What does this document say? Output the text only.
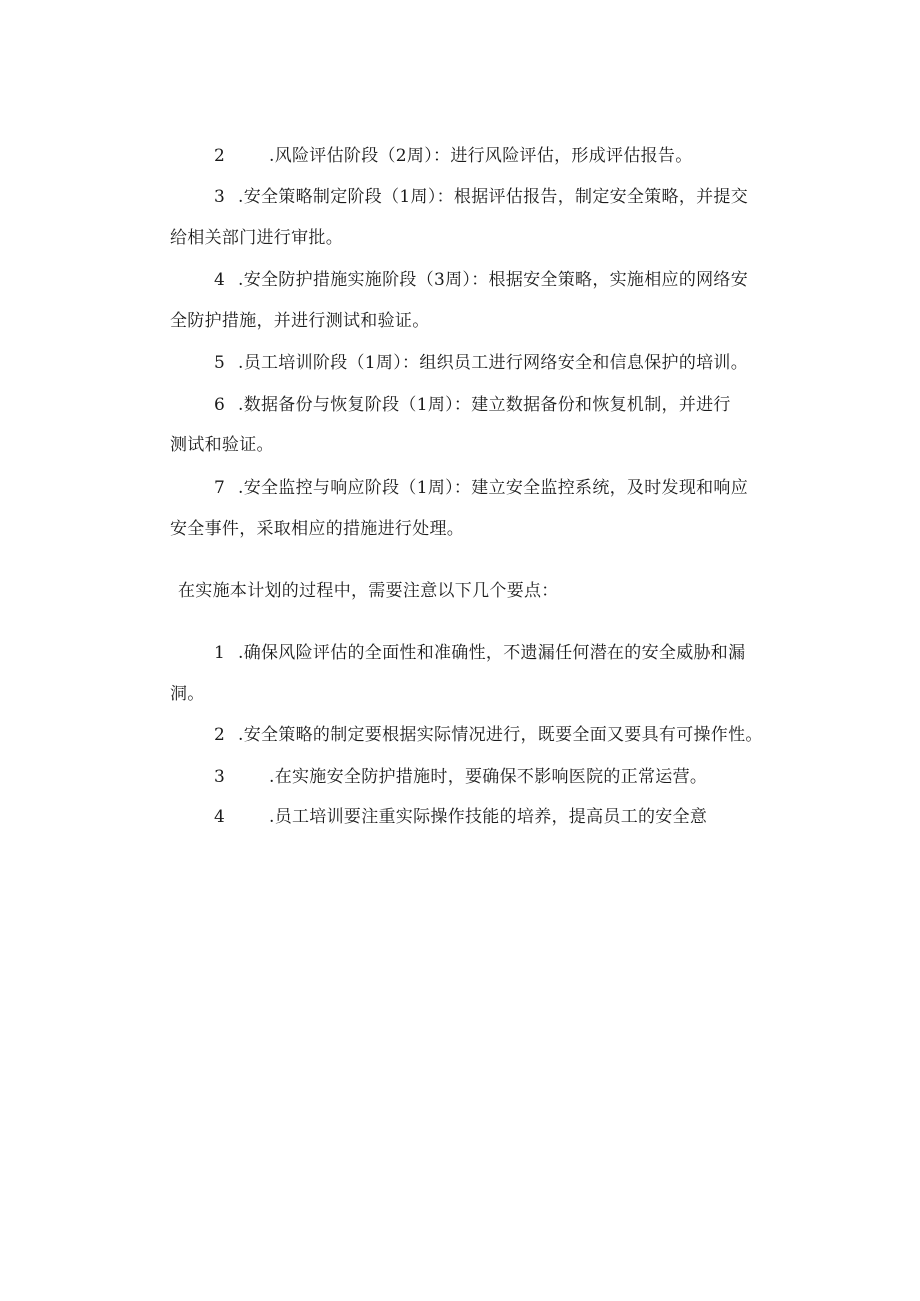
2	.风险评估阶段（2周）：进行风险评估，形成评估报告。
3 .安全策略制定阶段（1周）：根据评估报告，制定安全策略，并提交
给相关部门进行审批。
4 .安全防护措施实施阶段（3周）：根据安全策略，实施相应的网络安
全防护措施，并进行测试和验证。
5 .员工培训阶段（1周）：组织员工进行网络安全和信息保护的培训。
6 .数据备份与恢复阶段（1周）：建立数据备份和恢复机制，并进行
测试和验证。
7 .安全监控与响应阶段（1周）：建立安全监控系统，及时发现和响应
安全事件，采取相应的措施进行处理。
在实施本计划的过程中，需要注意以下几个要点：
1 .确保风险评估的全面性和准确性，不遗漏任何潜在的安全威胁和漏
洞。
2 .安全策略的制定要根据实际情况进行，既要全面又要具有可操作性。
3	.在实施安全防护措施时，要确保不影响医院的正常运营。
4	.员工培训要注重实际操作技能的培养，提高员工的安全意
